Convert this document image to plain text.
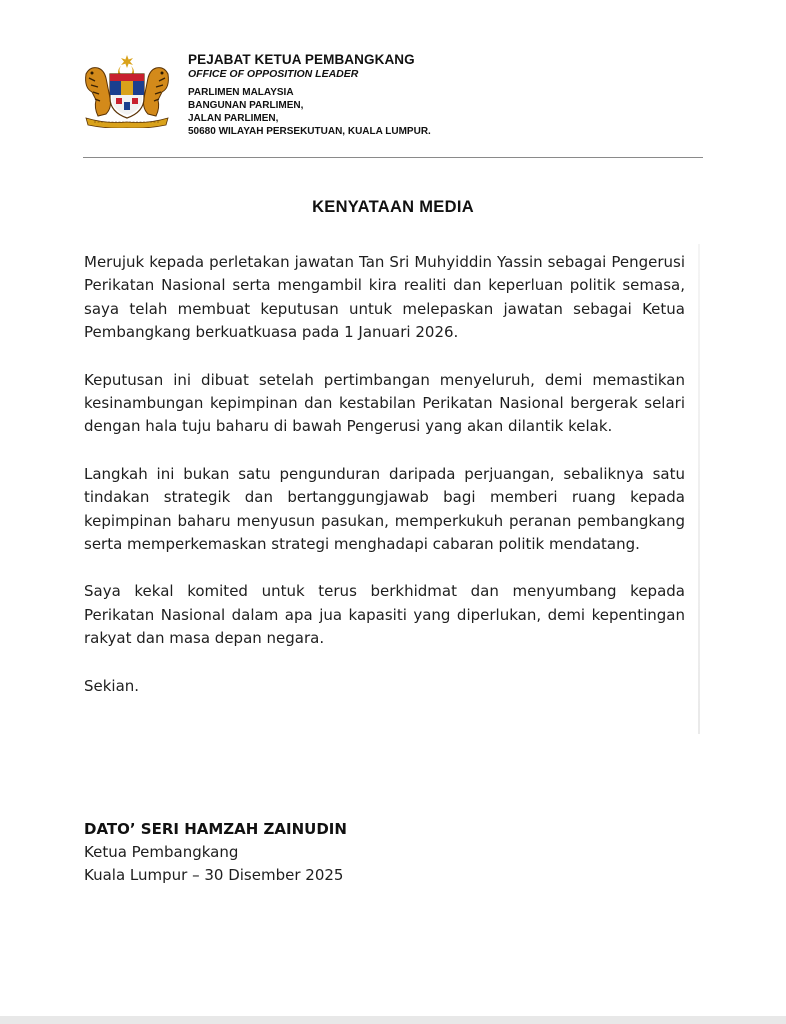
PEJABAT KETUA PEMBANGKANG
OFFICE OF OPPOSITION LEADER
PARLIMEN MALAYSIA
BANGUNAN PARLIMEN,
JALAN PARLIMEN,
50680 WILAYAH PERSEKUTUAN, KUALA LUMPUR.
KENYATAAN MEDIA

Merujuk kepada perletakan jawatan Tan Sri Muhyiddin Yassin sebagai Pengerusi Perikatan Nasional serta mengambil kira realiti dan keperluan politik semasa, saya telah membuat keputusan untuk melepaskan jawatan sebagai Ketua Pembangkang berkuatkuasa pada 1 Januari 2026.

Keputusan ini dibuat setelah pertimbangan menyeluruh, demi memastikan kesinambungan kepimpinan dan kestabilan Perikatan Nasional bergerak selari dengan hala tuju baharu di bawah Pengerusi yang akan dilantik kelak.

Langkah ini bukan satu pengunduran daripada perjuangan, sebaliknya satu tindakan strategik dan bertanggungjawab bagi memberi ruang kepada kepimpinan baharu menyusun pasukan, memperkukuh peranan pembangkang serta memperkemaskan strategi menghadapi cabaran politik mendatang.

Saya kekal komited untuk terus berkhidmat dan menyumbang kepada Perikatan Nasional dalam apa jua kapasiti yang diperlukan, demi kepentingan rakyat dan masa depan negara.

Sekian.

DATO’ SERI HAMZAH ZAINUDIN
Ketua Pembangkang
Kuala Lumpur – 30 Disember 2025
